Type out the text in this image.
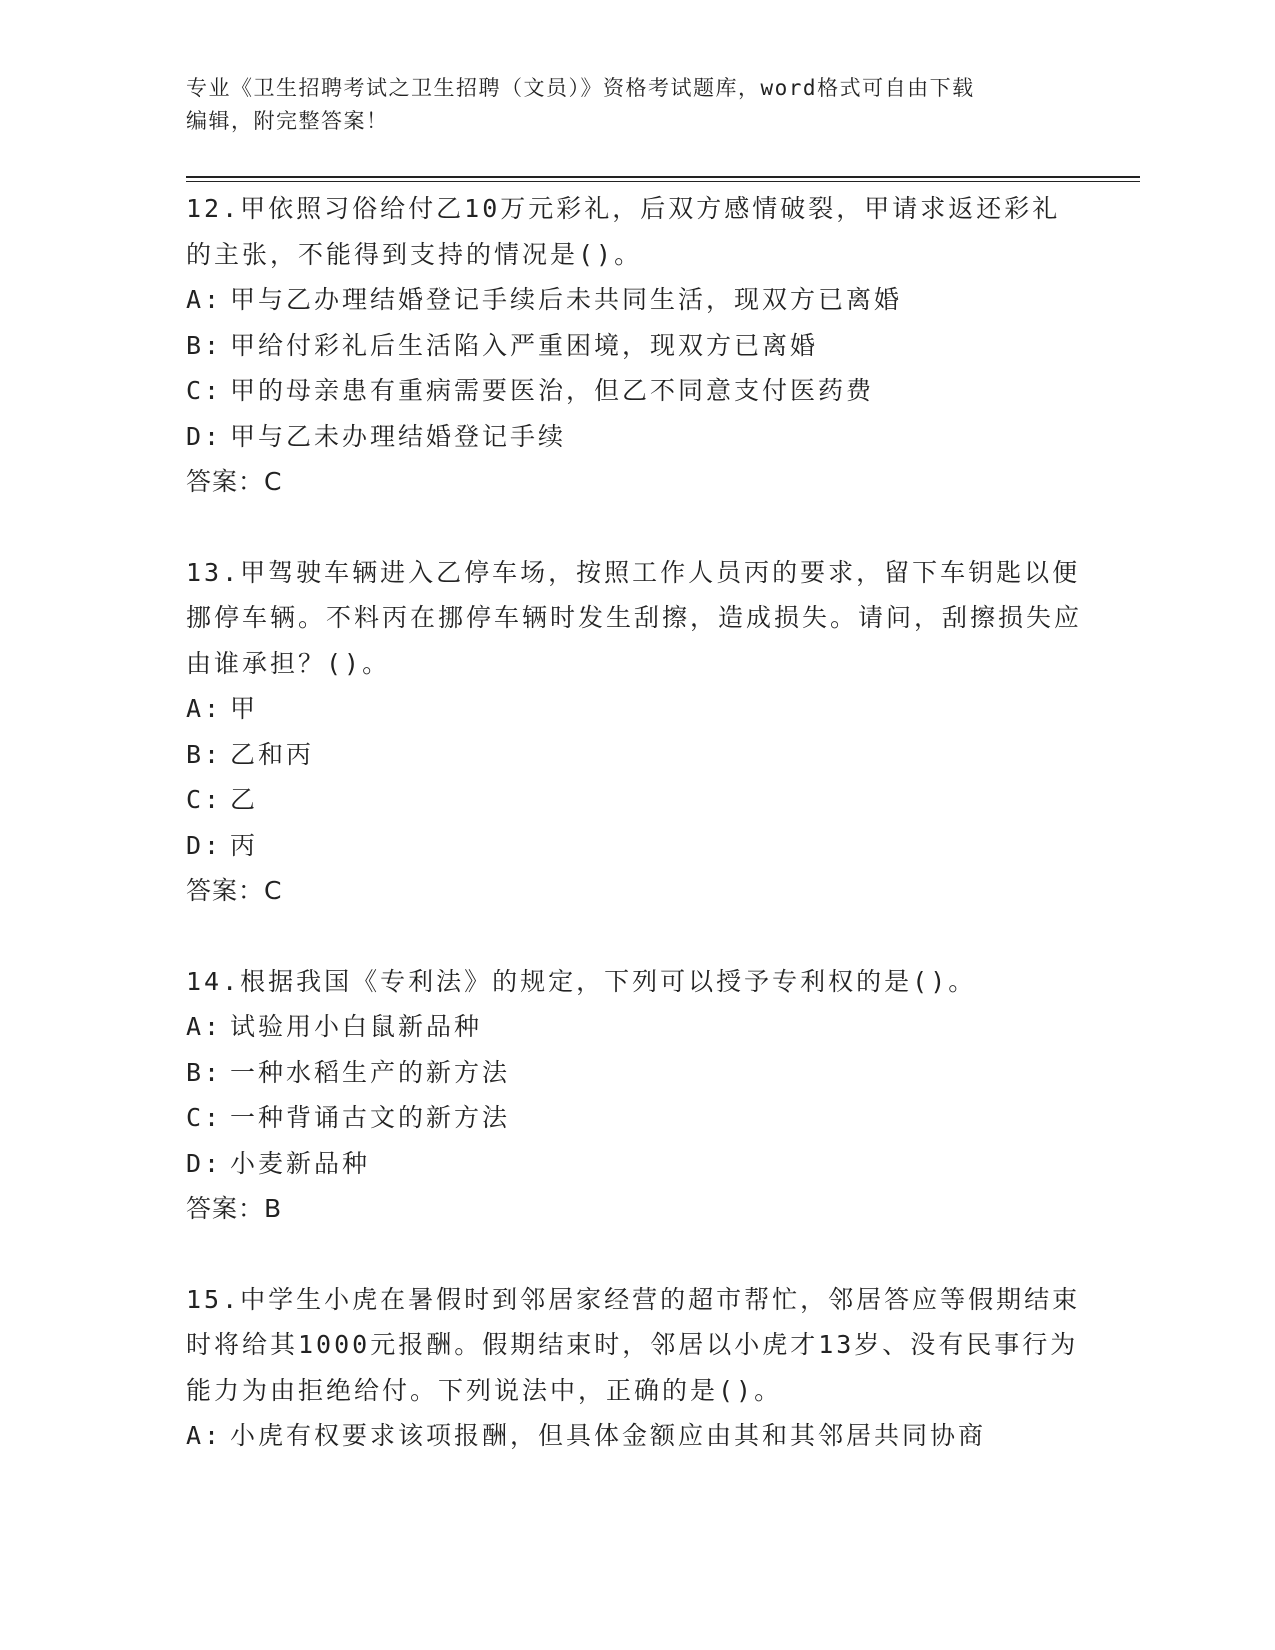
专业《卫生招聘考试之卫生招聘（文员）》资格考试题库，word格式可自由下载
编辑，附完整答案！
12.甲依照习俗给付乙10万元彩礼，后双方感情破裂，甲请求返还彩礼的主张，不能得到支持的情况是()。
A: 甲与乙办理结婚登记手续后未共同生活，现双方已离婚
B: 甲给付彩礼后生活陷入严重困境，现双方已离婚
C: 甲的母亲患有重病需要医治，但乙不同意支付医药费
D: 甲与乙未办理结婚登记手续
答案：C
13.甲驾驶车辆进入乙停车场，按照工作人员丙的要求，留下车钥匙以便挪停车辆。不料丙在挪停车辆时发生刮擦，造成损失。请问，刮擦损失应由谁承担？()。
A: 甲
B: 乙和丙
C: 乙
D: 丙
答案：C
14.根据我国《专利法》的规定，下列可以授予专利权的是()。
A: 试验用小白鼠新品种
B: 一种水稻生产的新方法
C: 一种背诵古文的新方法
D: 小麦新品种
答案：B
15.中学生小虎在暑假时到邻居家经营的超市帮忙，邻居答应等假期结束时将给其1000元报酬。假期结束时，邻居以小虎才13岁、没有民事行为能力为由拒绝给付。下列说法中，正确的是()。
A: 小虎有权要求该项报酬，但具体金额应由其和其邻居共同协商
